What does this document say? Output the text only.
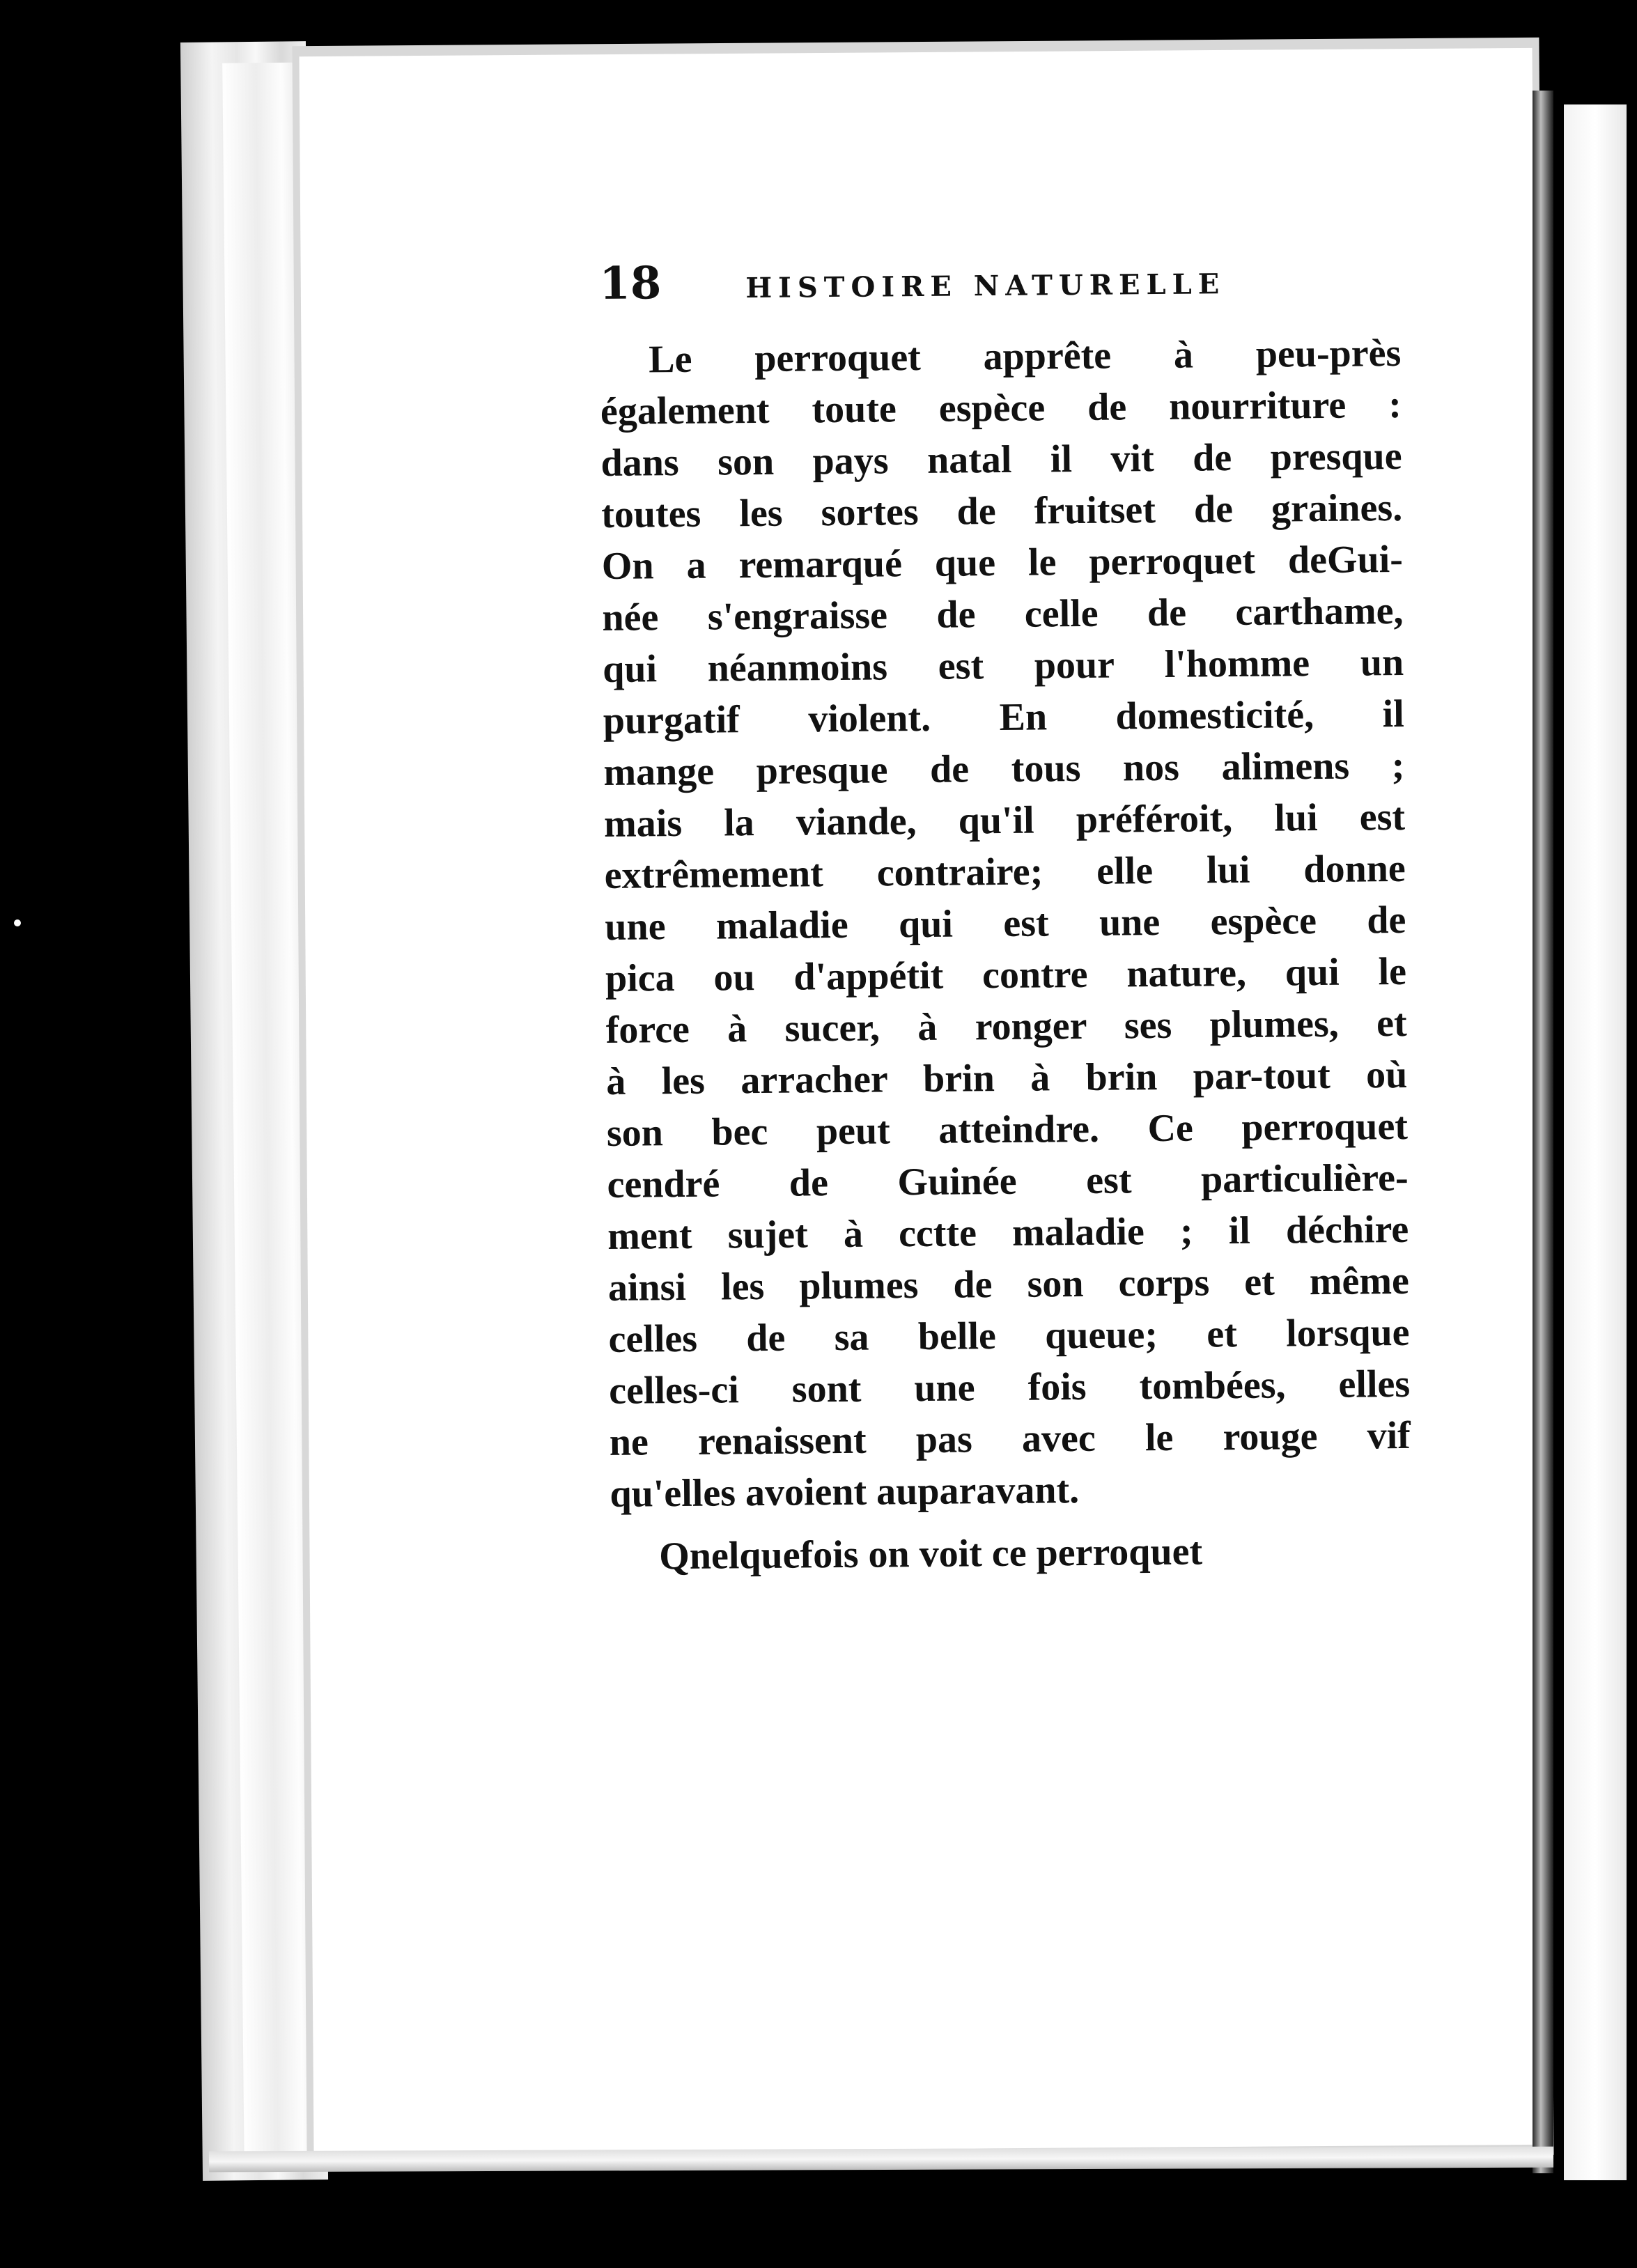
18	HISTOIRE NATURELLE
Le perroquet apprête à peu-près
également toute espèce de nourriture :
dans son pays natal il vit de presque
toutes les sortes de fruitset de graines.
On a remarqué que le perroquet deGui-
née s'engraisse de celle de carthame,
qui néanmoins est pour l'homme un
purgatif violent. En domesticité, il
mange presque de tous nos alimens ;
mais la viande, qu'il préféroit, lui est
extrêmement contraire; elle lui donne
une maladie qui est une espèce de
pica ou d'appétit contre nature, qui le
force à sucer, à ronger ses plumes, et
à les arracher brin à brin par-tout où
son bec peut atteindre. Ce perroquet
cendré de Guinée est particulière-
ment sujet à cctte maladie ; il déchire
ainsi les plumes de son corps et même
celles de sa belle queue; et lorsque
celles-ci sont une fois tombées, elles
ne renaissent pas avec le rouge vif
qu'elles avoient auparavant.
Qnelquefois on voit ce perroquet
